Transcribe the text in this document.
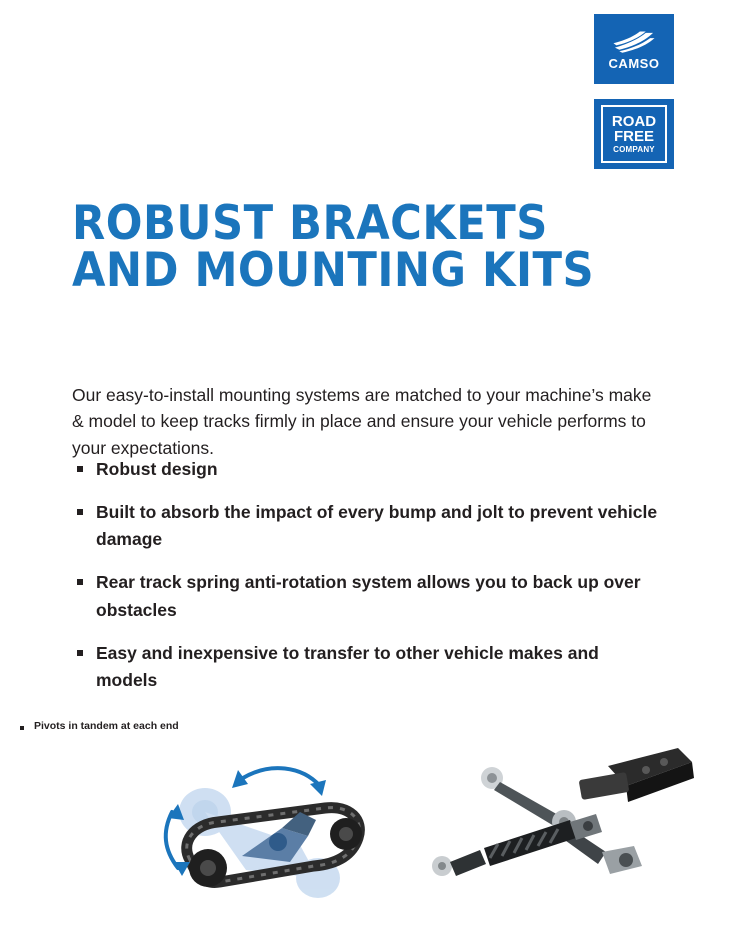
CAMSO
ROAD
FREE
COMPANY
ROBUST BRACKETS
AND MOUNTING KITS

Our easy-to-install mounting systems are matched to your machine’s make & model to keep tracks firmly in place and ensure your vehicle performs to your expectations.

Robust design
Built to absorb the impact of every bump and jolt to prevent vehicle damage
Rear track spring anti-rotation system allows you to back up over obstacles
Easy and inexpensive to transfer to other vehicle makes and models
Pivots in tandem at each end
